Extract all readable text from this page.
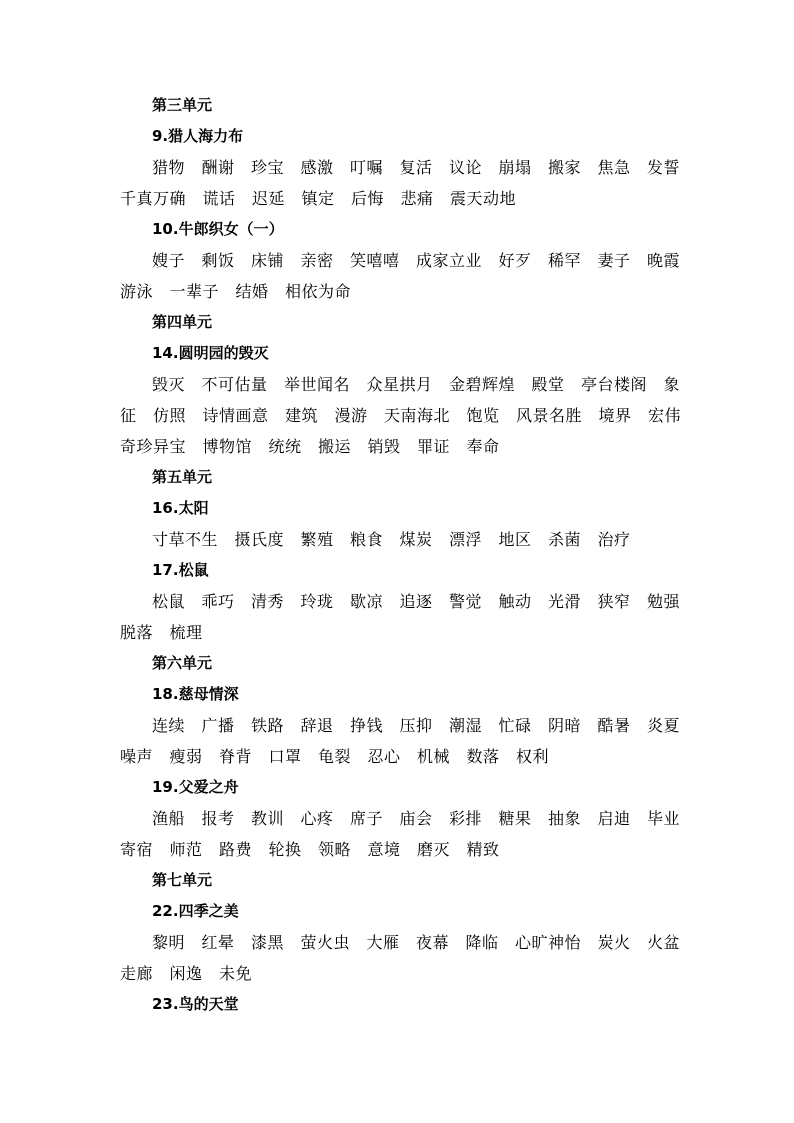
第三单元
9.猎人海力布
猎物　酬谢　珍宝　感激　叮嘱　复活　议论　崩塌　搬家　焦急　发誓
千真万确　谎话　迟延　镇定　后悔　悲痛　震天动地
10.牛郎织女（一）
嫂子　剩饭　床铺　亲密　笑嘻嘻　成家立业　好歹　稀罕　妻子　晚霞
游泳　一辈子　结婚　相依为命
第四单元
14.圆明园的毁灭
毁灭　不可估量　举世闻名　众星拱月　金碧辉煌　殿堂　亭台楼阁　象
征　仿照　诗情画意　建筑　漫游　天南海北　饱览　风景名胜　境界　宏伟
奇珍异宝　博物馆　统统　搬运　销毁　罪证　奉命
第五单元
16.太阳
寸草不生　摄氏度　繁殖　粮食　煤炭　漂浮　地区　杀菌　治疗
17.松鼠
松鼠　乖巧　清秀　玲珑　歇凉　追逐　警觉　触动　光滑　狭窄　勉强
脱落　梳理
第六单元
18.慈母情深
连续　广播　铁路　辞退　挣钱　压抑　潮湿　忙碌　阴暗　酷暑　炎夏
噪声　瘦弱　脊背　口罩　龟裂　忍心　机械　数落　权利
19.父爱之舟
渔船　报考　教训　心疼　席子　庙会　彩排　糖果　抽象　启迪　毕业
寄宿　师范　路费　轮换　领略　意境　磨灭　精致
第七单元
22.四季之美
黎明　红晕　漆黑　萤火虫　大雁　夜幕　降临　心旷神怡　炭火　火盆
走廊　闲逸　未免
23.鸟的天堂
